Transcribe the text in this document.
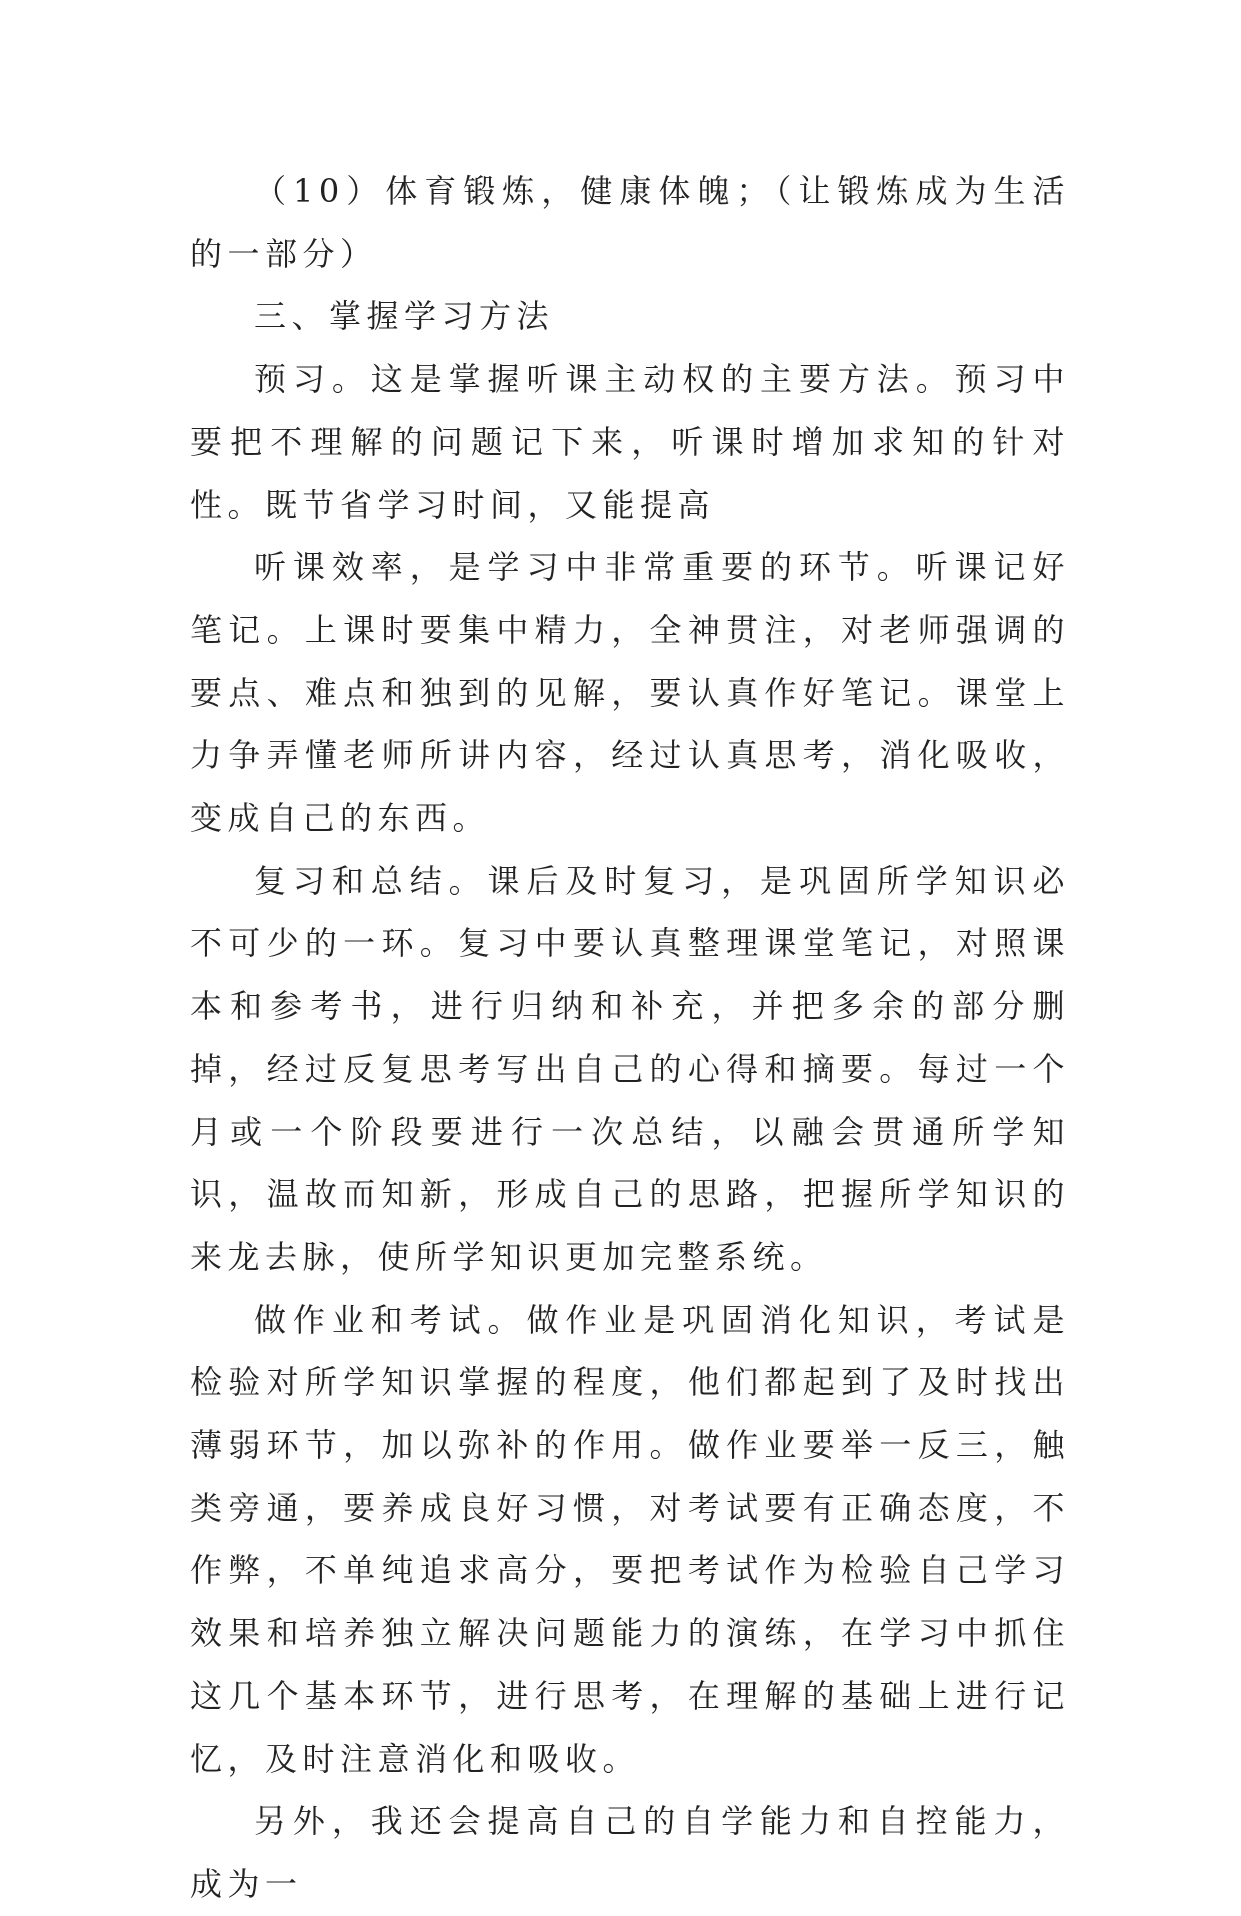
（10）体育锻炼，健康体魄；（让锻炼成为生活的一部分）

三、掌握学习方法

预习。这是掌握听课主动权的主要方法。预习中要把不理解的问题记下来，听课时增加求知的针对性。既节省学习时间，又能提高

听课效率，是学习中非常重要的环节。听课记好笔记。上课时要集中精力，全神贯注，对老师强调的要点、难点和独到的见解，要认真作好笔记。课堂上力争弄懂老师所讲内容，经过认真思考，消化吸收，变成自己的东西。

复习和总结。课后及时复习，是巩固所学知识必不可少的一环。复习中要认真整理课堂笔记，对照课本和参考书，进行归纳和补充，并把多余的部分删掉，经过反复思考写出自己的心得和摘要。每过一个月或一个阶段要进行一次总结，以融会贯通所学知识，温故而知新，形成自己的思路，把握所学知识的来龙去脉，使所学知识更加完整系统。

做作业和考试。做作业是巩固消化知识，考试是检验对所学知识掌握的程度，他们都起到了及时找出薄弱环节，加以弥补的作用。做作业要举一反三，触类旁通，要养成良好习惯，对考试要有正确态度，不作弊，不单纯追求高分，要把考试作为检验自己学习效果和培养独立解决问题能力的演练，在学习中抓住这几个基本环节，进行思考，在理解的基础上进行记忆，及时注意消化和吸收。

另外，我还会提高自己的自学能力和自控能力，成为一
